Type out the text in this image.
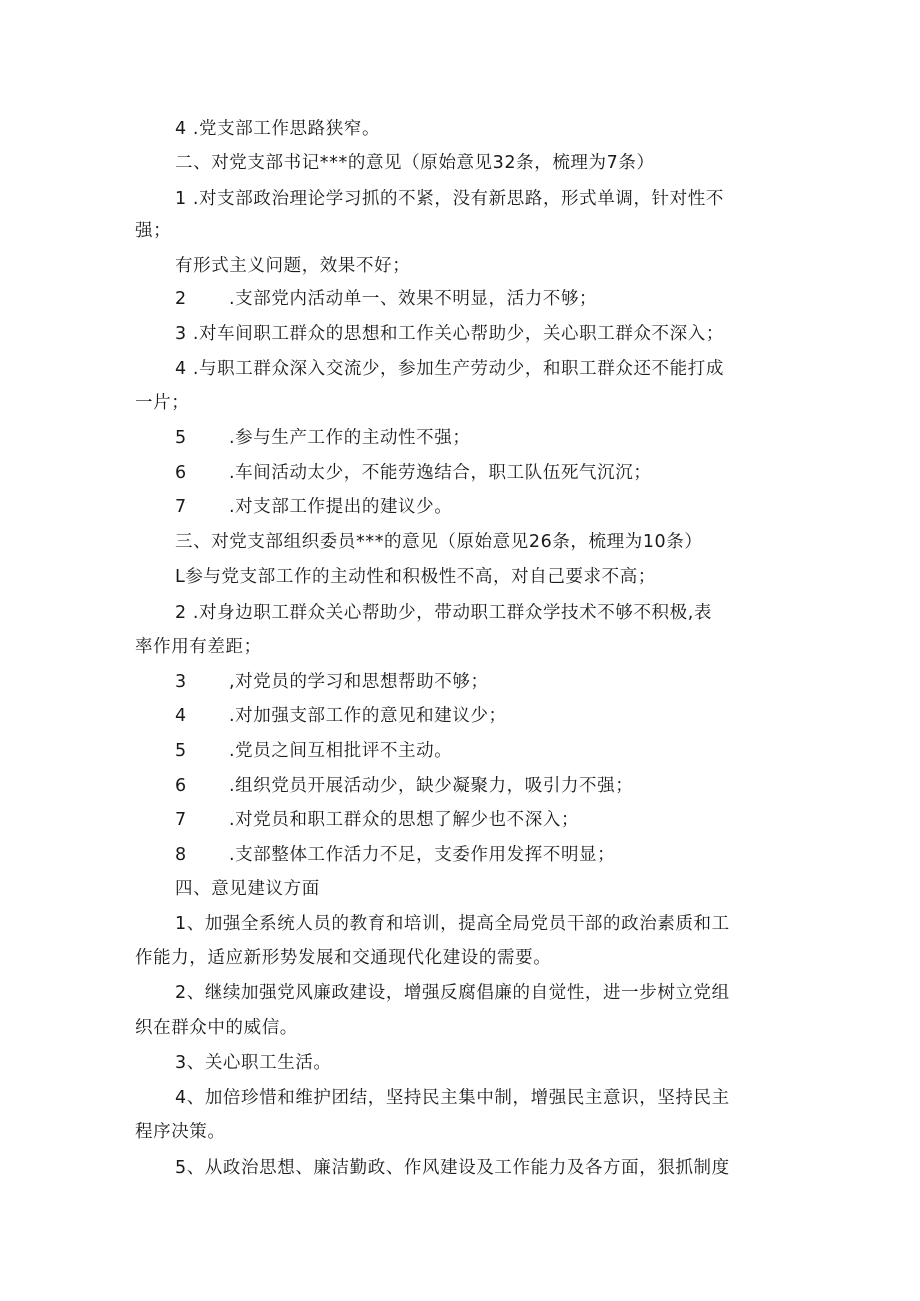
4 .党支部工作思路狭窄。
二、对党支部书记***的意见（原始意见32条，梳理为7条）
1 .对支部政治理论学习抓的不紧，没有新思路，形式单调，针对性不
强；
有形式主义问题，效果不好；
2 .支部党内活动单一、效果不明显，活力不够；
3 .对车间职工群众的思想和工作关心帮助少，关心职工群众不深入；
4 .与职工群众深入交流少，参加生产劳动少，和职工群众还不能打成
一片；
5 .参与生产工作的主动性不强；
6 .车间活动太少，不能劳逸结合，职工队伍死气沉沉；
7 .对支部工作提出的建议少。
三、对党支部组织委员***的意见（原始意见26条，梳理为10条）
L参与党支部工作的主动性和积极性不高，对自己要求不高；
2 .对身边职工群众关心帮助少，带动职工群众学技术不够不积极,表
率作用有差距；
3 ,对党员的学习和思想帮助不够；
4 .对加强支部工作的意见和建议少；
5 .党员之间互相批评不主动。
6 .组织党员开展活动少，缺少凝聚力，吸引力不强；
7 .对党员和职工群众的思想了解少也不深入；
8 .支部整体工作活力不足，支委作用发挥不明显；
四、意见建议方面
1、加强全系统人员的教育和培训，提高全局党员干部的政治素质和工
作能力，适应新形势发展和交通现代化建设的需要。
2、继续加强党风廉政建设，增强反腐倡廉的自觉性，进一步树立党组
织在群众中的威信。
3、关心职工生活。
4、加倍珍惜和维护团结，坚持民主集中制，增强民主意识，坚持民主
程序决策。
5、从政治思想、廉洁勤政、作风建设及工作能力及各方面，狠抓制度
